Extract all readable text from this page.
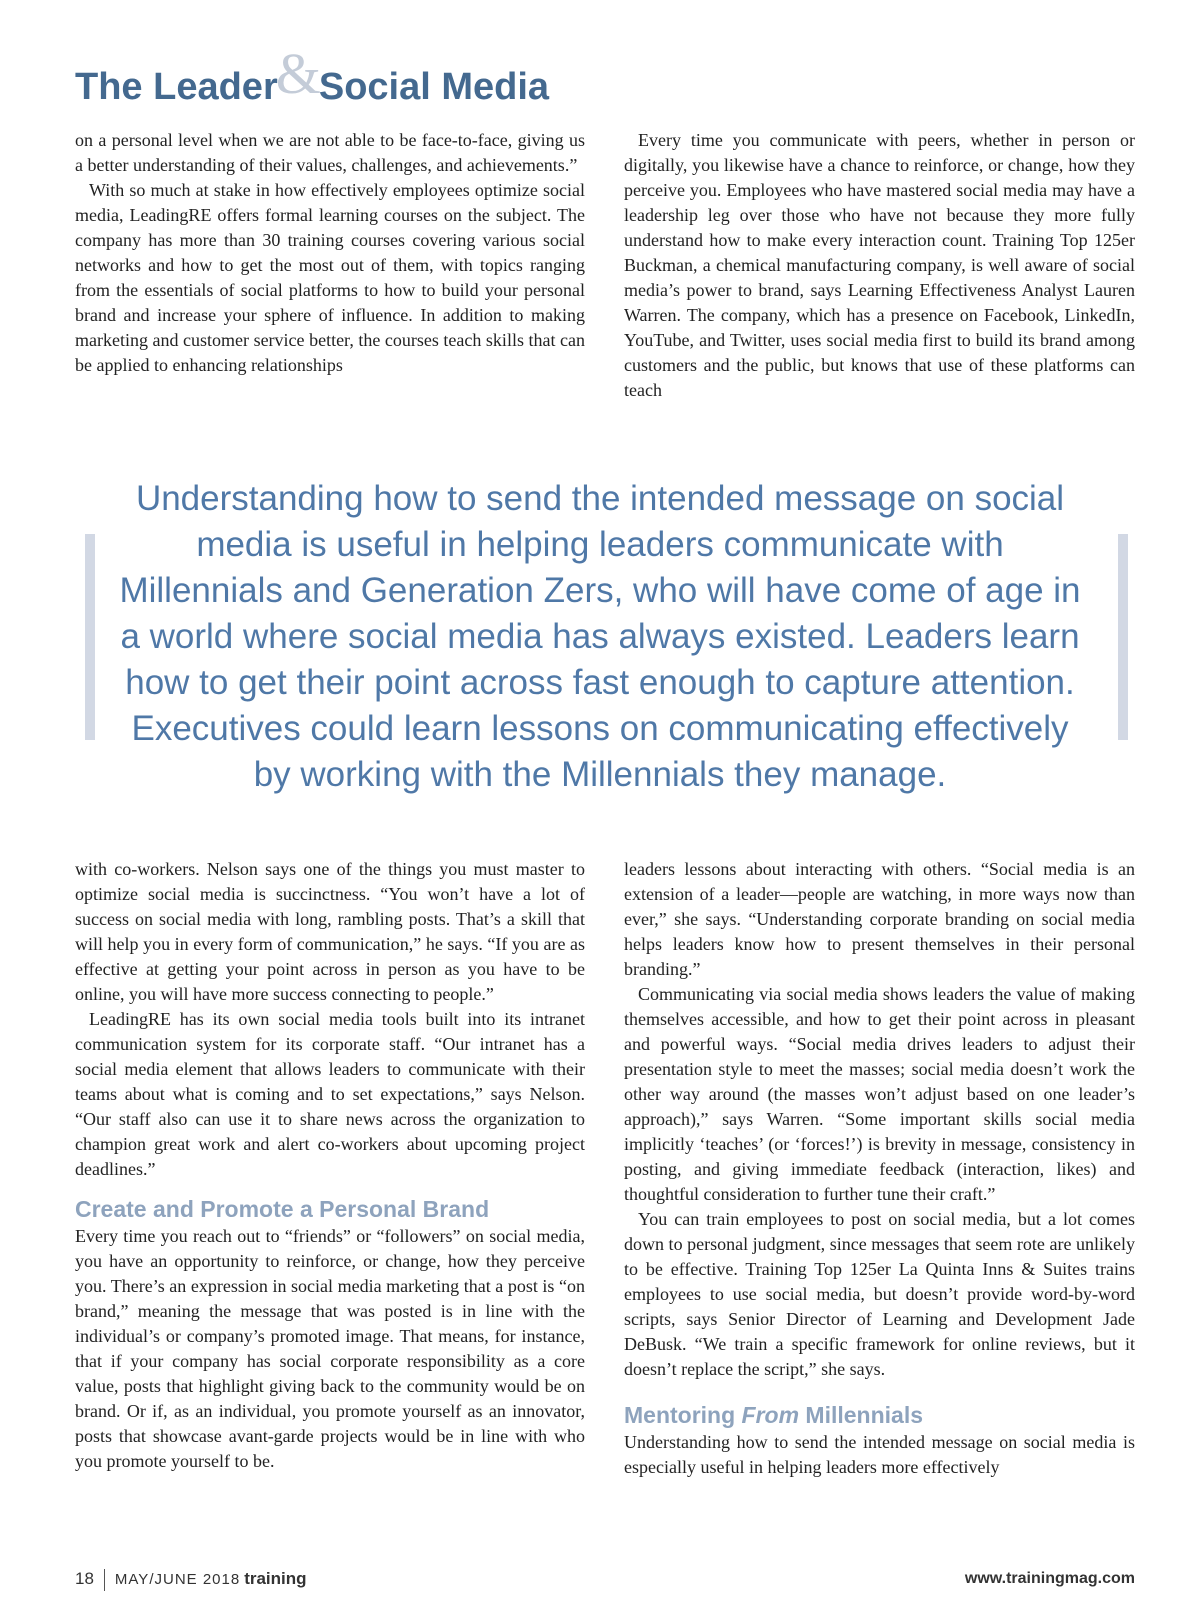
The Leader&Social Media

on a personal level when we are not able to be face-to-face, giving us a better understanding of their values, challenges, and achievements.”

With so much at stake in how effectively employees optimize social media, LeadingRE offers formal learning courses on the subject. The company has more than 30 training courses covering various social networks and how to get the most out of them, with topics ranging from the essentials of social platforms to how to build your personal brand and increase your sphere of influence. In addition to making marketing and customer service better, the courses teach skills that can be applied to enhancing relationships

Every time you communicate with peers, whether in person or digitally, you likewise have a chance to reinforce, or change, how they perceive you. Employees who have mastered social media may have a leadership leg over those who have not because they more fully understand how to make every interaction count. Training Top 125er Buckman, a chemical manufacturing company, is well aware of social media’s power to brand, says Learning Effectiveness Analyst Lauren Warren. The company, which has a presence on Facebook, LinkedIn, YouTube, and Twitter, uses social media first to build its brand among customers and the public, but knows that use of these platforms can teach

Understanding how to send the intended message on social media is useful in helping leaders communicate with Millennials and Generation Zers, who will have come of age in a world where social media has always existed. Leaders learn how to get their point across fast enough to capture attention. Executives could learn lessons on communicating effectively by working with the Millennials they manage.

with co-workers. Nelson says one of the things you must master to optimize social media is succinctness. “You won’t have a lot of success on social media with long, rambling posts. That’s a skill that will help you in every form of communication,” he says. “If you are as effective at getting your point across in person as you have to be online, you will have more success connecting to people.”

LeadingRE has its own social media tools built into its intranet communication system for its corporate staff. “Our intranet has a social media element that allows leaders to communicate with their teams about what is coming and to set expectations,” says Nelson. “Our staff also can use it to share news across the organization to champion great work and alert co-workers about upcoming project deadlines.”

Create and Promote a Personal Brand

Every time you reach out to “friends” or “followers” on social media, you have an opportunity to reinforce, or change, how they perceive you. There’s an expression in social media marketing that a post is “on brand,” meaning the message that was posted is in line with the individual’s or company’s promoted image. That means, for instance, that if your company has social corporate responsibility as a core value, posts that highlight giving back to the community would be on brand. Or if, as an individual, you promote yourself as an innovator, posts that showcase avant-garde projects would be in line with who you promote yourself to be.

leaders lessons about interacting with others. “Social media is an extension of a leader—people are watching, in more ways now than ever,” she says. “Understanding corporate branding on social media helps leaders know how to present themselves in their personal branding.”

Communicating via social media shows leaders the value of making themselves accessible, and how to get their point across in pleasant and powerful ways. “Social media drives leaders to adjust their presentation style to meet the masses; social media doesn’t work the other way around (the masses won’t adjust based on one leader’s approach),” says Warren. “Some important skills social media implicitly ‘teaches’ (or ‘forces!’) is brevity in message, consistency in posting, and giving immediate feedback (interaction, likes) and thoughtful consideration to further tune their craft.”

You can train employees to post on social media, but a lot comes down to personal judgment, since messages that seem rote are unlikely to be effective. Training Top 125er La Quinta Inns & Suites trains employees to use social media, but doesn’t provide word-by-word scripts, says Senior Director of Learning and Development Jade DeBusk. “We train a specific framework for online reviews, but it doesn’t replace the script,” she says.

Mentoring From Millennials

Understanding how to send the intended message on social media is especially useful in helping leaders more effectively

18 MAY/JUNE 2018 training	www.trainingmag.com
